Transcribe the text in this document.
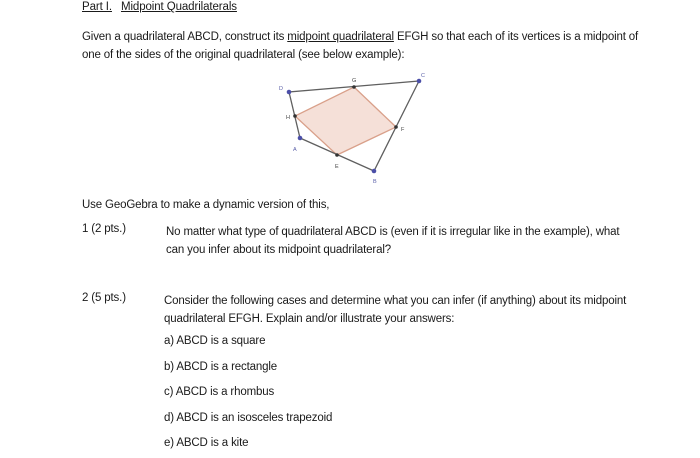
Part I. Midpoint Quadrilaterals
Given a quadrilateral ABCD, construct its midpoint quadrilateral EFGH so that each of its vertices is a midpoint of one of the sides of the original quadrilateral (see below example):
A
B
C
D
E
F
G
H
Use GeoGebra to make a dynamic version of this,
1 (2 pts.)	No matter what type of quadrilateral ABCD is (even if it is irregular like in the example), what can you infer about its midpoint quadrilateral?
2 (5 pts.)	Consider the following cases and determine what you can infer (if anything) about its midpoint quadrilateral EFGH. Explain and/or illustrate your answers:
a) ABCD is a square
b) ABCD is a rectangle
c) ABCD is a rhombus
d) ABCD is an isosceles trapezoid
e) ABCD is a kite
